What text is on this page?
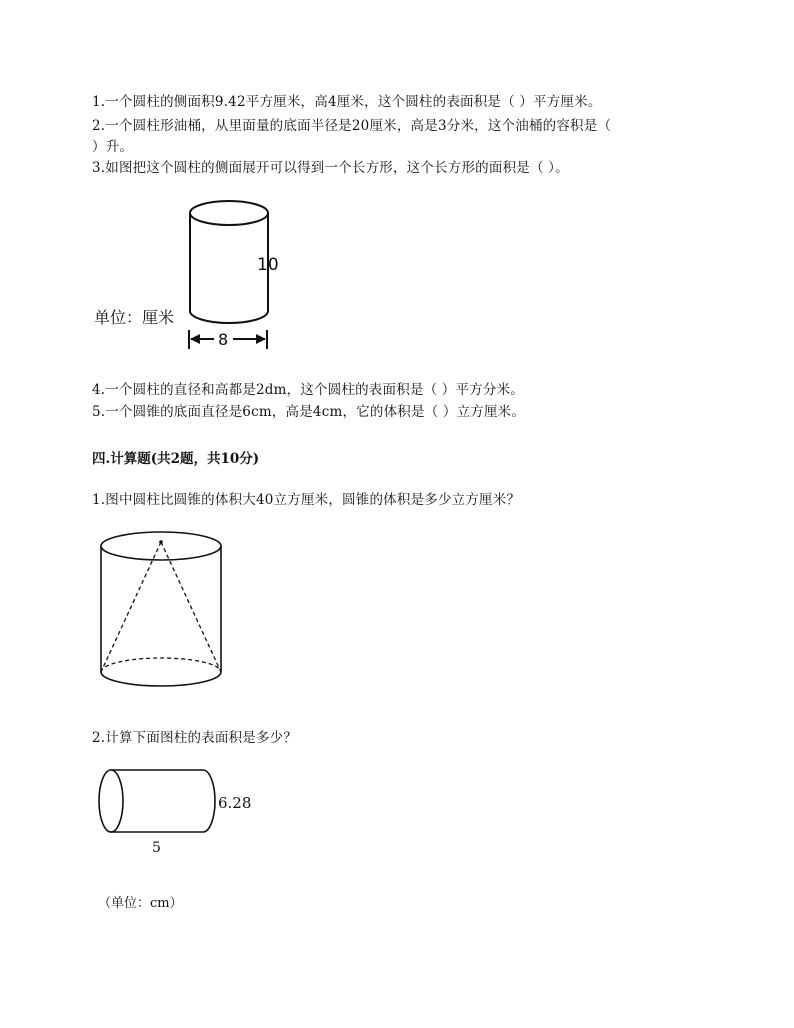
1.一个圆柱的侧面积9.42平方厘米，高4厘米，这个圆柱的表面积是（ ）平方厘米。
2.一个圆柱形油桶，从里面量的底面半径是20厘米，高是3分米，这个油桶的容积是（
）升。
3.如图把这个圆柱的侧面展开可以得到一个长方形，这个长方形的面积是（ ）。
10
单位：厘米
8
4.一个圆柱的直径和高都是2dm，这个圆柱的表面积是（ ）平方分米。
5.一个圆锥的底面直径是6cm，高是4cm，它的体积是（ ）立方厘米。
四.计算题(共2题，共10分)
1.图中圆柱比圆锥的体积大40立方厘米，圆锥的体积是多少立方厘米？
2.计算下面图柱的表面积是多少？
6.28
5
（单位：cm）
